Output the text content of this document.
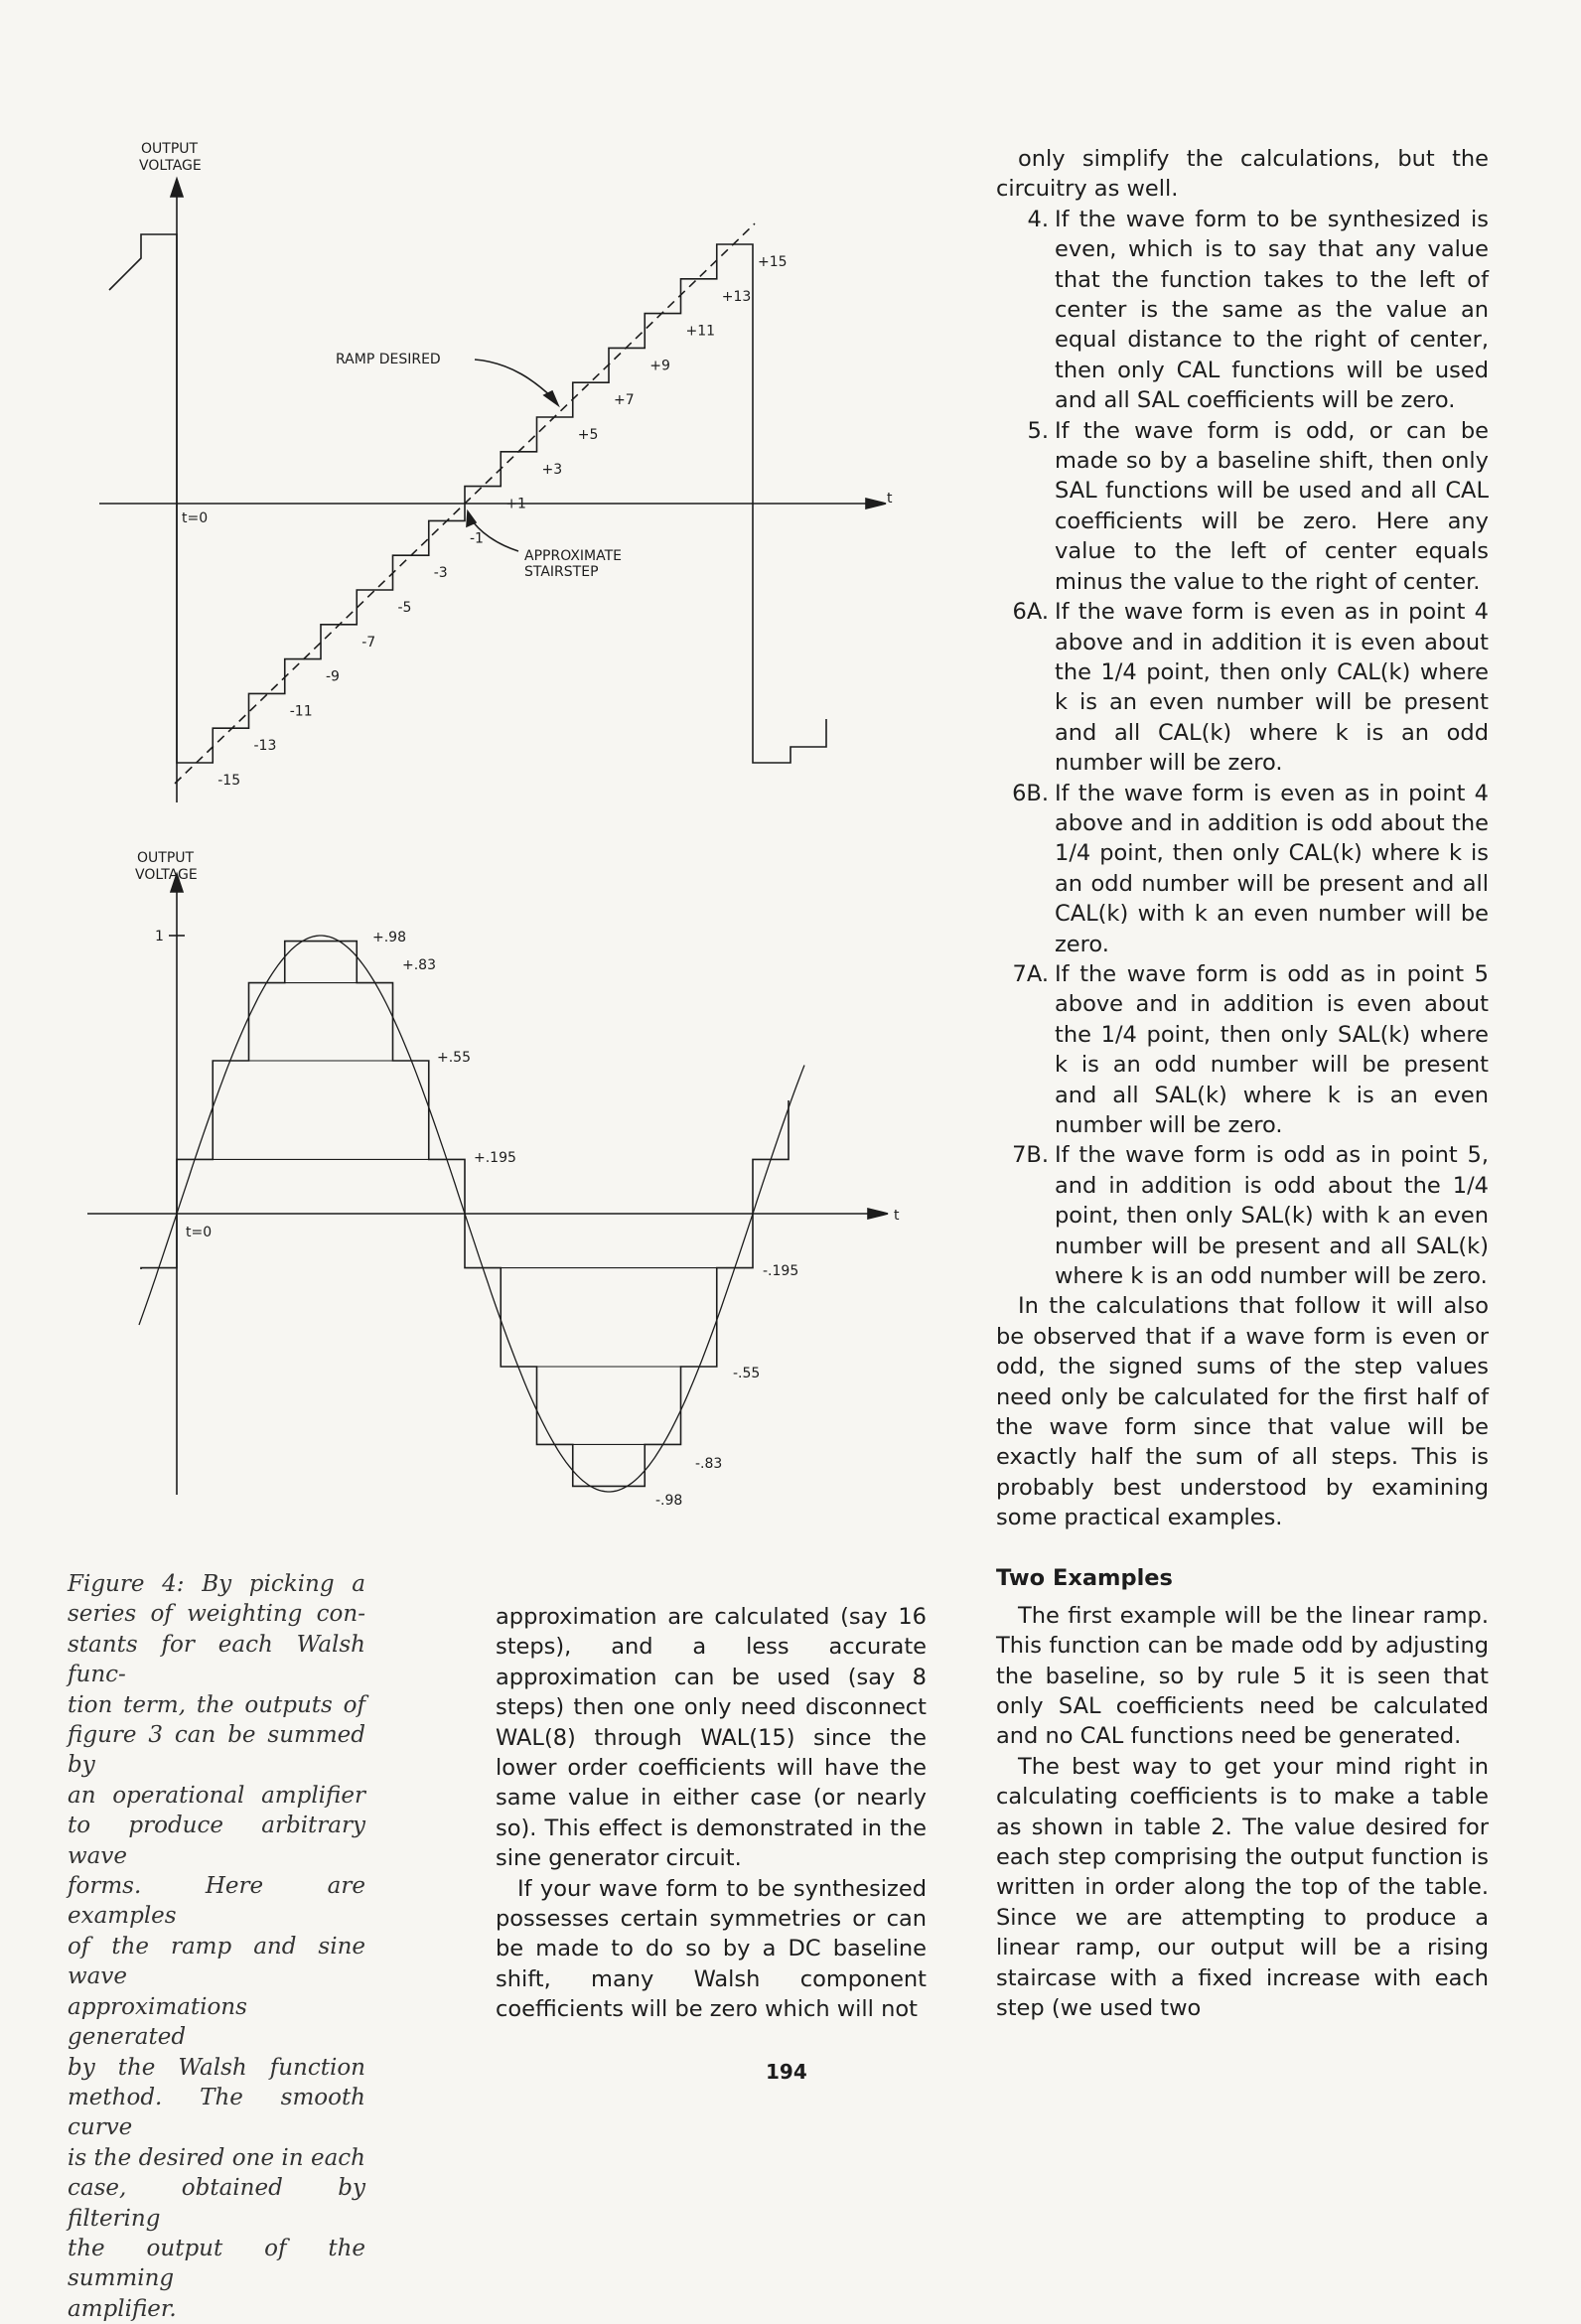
OUTPUT
VOLTAGE
t
t=0
RAMP DESIRED
APPROXIMATE
STAIRSTEP
-15
-13
-11
-9
-7
-5
-3
-1
+1
+3
+5
+7
+9
+11
+13
+15
OUTPUT
VOLTAGE
1
t
t=0
+.98
+.83
+.55
+.195
-.195
-.55
-.83
-.98
Figure 4: By picking a
series of weighting con-
stants for each Walsh func-
tion term, the outputs of
figure 3 can be summed by
an operational amplifier
to produce arbitrary wave
forms. Here are examples
of the ramp and sine wave
approximations generated
by the Walsh function
method. The smooth curve
is the desired one in each
case, obtained by filtering
the output of the summing
amplifier.

approximation are calculated (say 16 steps), and a less accurate approximation can be used (say 8 steps) then one only need disconnect WAL(8) through WAL(15) since the lower order coefficients will have the same value in either case (or nearly so). This effect is demonstrated in the sine generator circuit.

If your wave form to be synthesized possesses certain symmetries or can be made to do so by a DC baseline shift, many Walsh component coefficients will be zero which will not

only simplify the calculations, but the circuitry as well.

4. If the wave form to be synthesized is even, which is to say that any value that the function takes to the left of center is the same as the value an equal distance to the right of center, then only CAL functions will be used and all SAL coefficients will be zero.
5. If the wave form is odd, or can be made so by a baseline shift, then only SAL functions will be used and all CAL coefficients will be zero. Here any value to the left of center equals minus the value to the right of center.
6A. If the wave form is even as in point 4 above and in addition it is even about the 1/4 point, then only CAL(k) where k is an even number will be present and all CAL(k) where k is an odd number will be zero.
6B. If the wave form is even as in point 4 above and in addition is odd about the 1/4 point, then only CAL(k) where k is an odd number will be present and all CAL(k) with k an even number will be zero.
7A. If the wave form is odd as in point 5 above and in addition is even about the 1/4 point, then only SAL(k) where k is an odd number will be present and all SAL(k) where k is an even number will be zero.
7B. If the wave form is odd as in point 5, and in addition is odd about the 1/4 point, then only SAL(k) with k an even number will be present and all SAL(k) where k is an odd number will be zero.

In the calculations that follow it will also be observed that if a wave form is even or odd, the signed sums of the step values need only be calculated for the first half of the wave form since that value will be exactly half the sum of all steps. This is probably best understood by examining some practical examples.

Two Examples

The first example will be the linear ramp. This function can be made odd by adjusting the baseline, so by rule 5 it is seen that only SAL coefficients need be calculated and no CAL functions need be generated.

The best way to get your mind right in calculating coefficients is to make a table as shown in table 2. The value desired for each step comprising the output function is written in order along the top of the table. Since we are attempting to produce a linear ramp, our output will be a rising staircase with a fixed increase with each step (we used two

194
